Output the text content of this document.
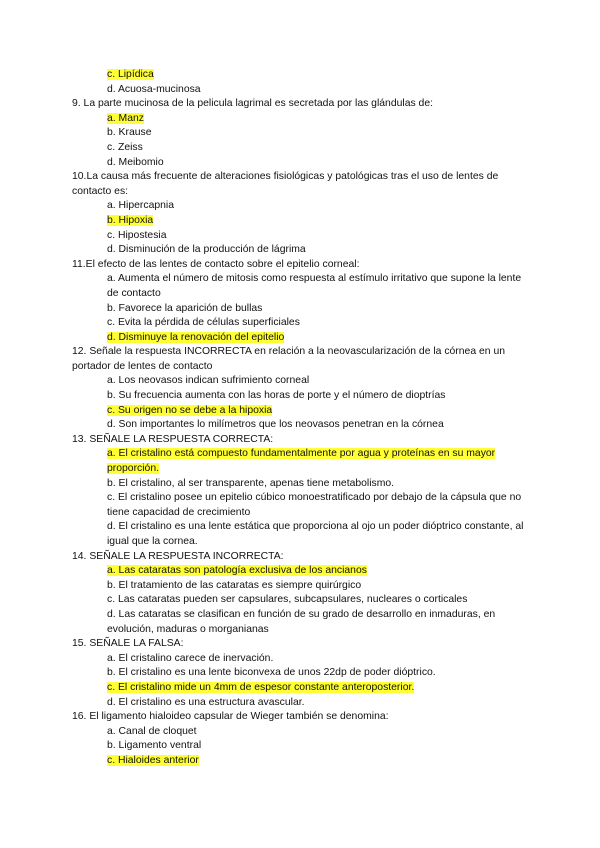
c. Lipídica
d. Acuosa-mucinosa
9. La parte mucinosa de la pelicula lagrimal es secretada por las glándulas de:
a. Manz
b. Krause
c. Zeiss
d. Meibomio
10.La causa más frecuente de alteraciones fisiológicas y patológicas tras el uso de lentes de contacto es:
a. Hipercapnia
b. Hipoxia
c. Hipostesia
d. Disminución de la producción de lágrima
11.El efecto de las lentes de contacto sobre el epitelio corneal:
a. Aumenta el número de mitosis como respuesta al estímulo irritativo que supone la lente de contacto
b. Favorece la aparición de bullas
c. Evita la pérdida de células superficiales
d. Disminuye la renovación del epitelio
12. Señale la respuesta INCORRECTA en relación a la neovascularización de la córnea en un portador de lentes de contacto
a. Los neovasos indican sufrimiento corneal
b. Su frecuencia aumenta con las horas de porte y el número de dioptrías
c. Su origen no se debe a la hipoxia
d. Son importantes lo milímetros que los neovasos penetran en la córnea
13. SEÑALE LA RESPUESTA CORRECTA:
a. El cristalino está compuesto fundamentalmente por agua y proteínas en su mayor proporción.
b. El cristalino, al ser transparente, apenas tiene metabolismo.
c. El cristalino posee un epitelio cúbico monoestratificado por debajo de la cápsula que no tiene capacidad de crecimiento
d. El cristalino es una lente estática que proporciona al ojo un poder dióptrico constante, al igual que la cornea.
14. SEÑALE LA RESPUESTA INCORRECTA:
a. Las cataratas son patología exclusiva de los ancianos
b. El tratamiento de las cataratas es siempre quirúrgico
c. Las cataratas pueden ser capsulares, subcapsulares, nucleares o corticales
d. Las cataratas se clasifican en función de su grado de desarrollo en inmaduras, en evolución, maduras o morganianas
15. SEÑALE LA FALSA:
a. El cristalino carece de inervación.
b. El cristalino es una lente biconvexa de unos 22dp de poder dióptrico.
c. El cristalino mide un 4mm de espesor constante anteroposterior.
d. El cristalino es una estructura avascular.
16. El ligamento hialoideo capsular de Wieger también se denomina:
a. Canal de cloquet
b. Ligamento ventral
c. Hialoides anterior
